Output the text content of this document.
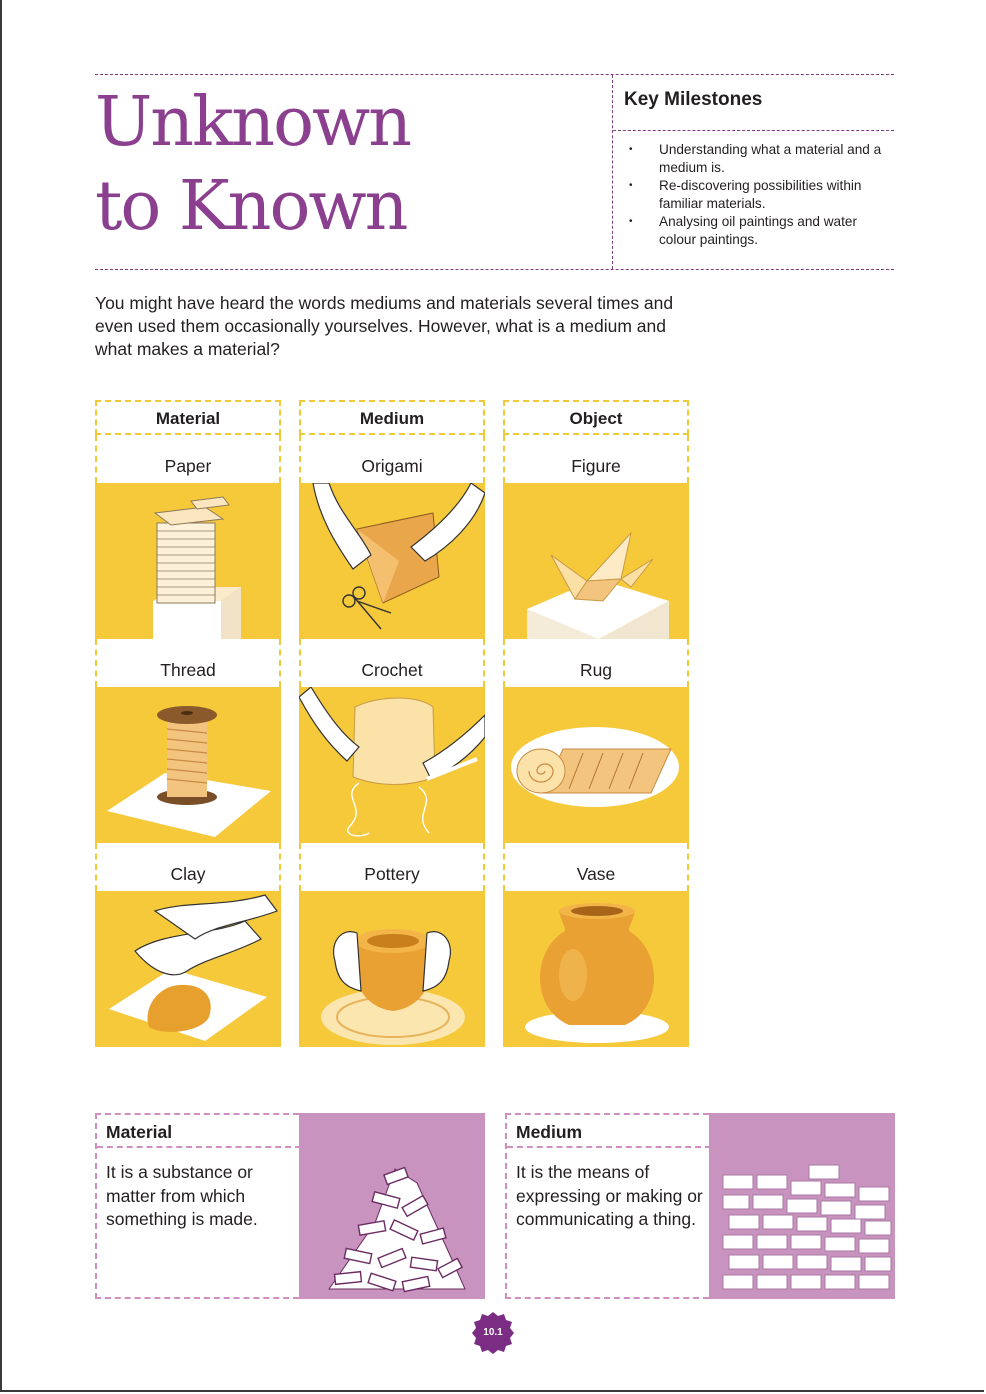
Unknown
to Known
Key Milestones
• Understanding what a material and a medium is.
• Re-discovering possibilities within familiar materials.
• Analysing oil paintings and water colour paintings.

You might have heard the words mediums and materials several times and even used them occasionally yourselves. However, what is a medium and what makes a material?

Material
Paper
Thread
Clay
Medium
Origami
Crochet
Pottery
Object
Figure
Rug
Vase
Material

It is a substance or matter from which something is made.

Medium

It is the means of expressing or making or communicating a thing.

10.1
